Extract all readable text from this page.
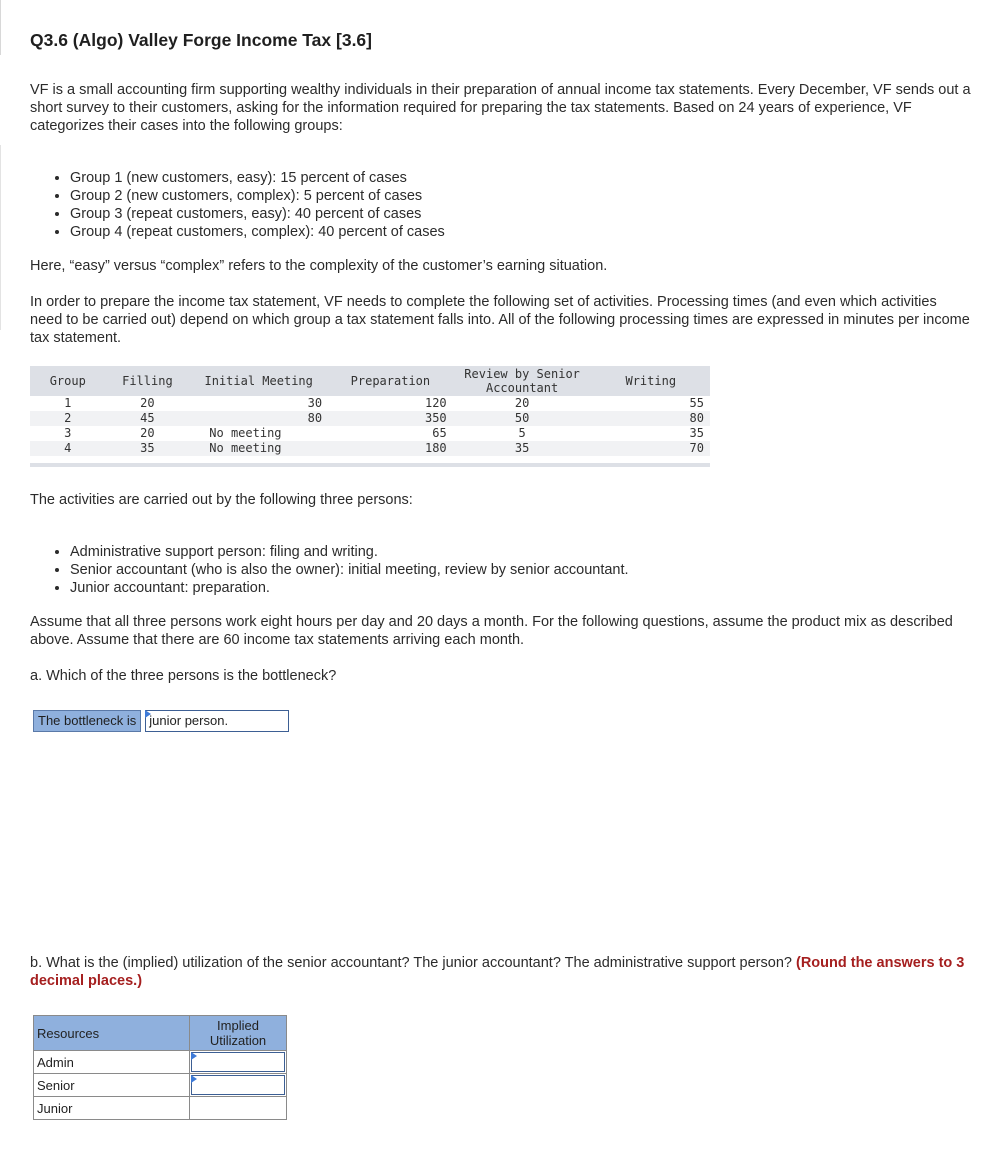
Q3.6 (Algo) Valley Forge Income Tax [3.6]

VF is a small accounting firm supporting wealthy individuals in their preparation of annual income tax statements. Every December, VF sends out a short survey to their customers, asking for the information required for preparing the tax statements. Based on 24 years of experience, VF categorizes their cases into the following groups:

• Group 1 (new customers, easy): 15 percent of cases
• Group 2 (new customers, complex): 5 percent of cases
• Group 3 (repeat customers, easy): 40 percent of cases
• Group 4 (repeat customers, complex): 40 percent of cases

Here, “easy” versus “complex” refers to the complexity of the customer’s earning situation.

In order to prepare the income tax statement, VF needs to complete the following set of activities. Processing times (and even which activities need to be carried out) depend on which group a tax statement falls into. All of the following processing times are expressed in minutes per income tax statement.

Group	Filling	Initial Meeting	Preparation	Review by Senior Accountant	Writing
1	20	30	120	20	55
2	45	80	350	50	80
3	20	No meeting	65	5	35
4	35	No meeting	180	35	70

The activities are carried out by the following three persons:

• Administrative support person: filing and writing.
• Senior accountant (who is also the owner): initial meeting, review by senior accountant.
• Junior accountant: preparation.

Assume that all three persons work eight hours per day and 20 days a month. For the following questions, assume the product mix as described above. Assume that there are 60 income tax statements arriving each month.

a. Which of the three persons is the bottleneck?

The bottleneck is	junior person.

b. What is the (implied) utilization of the senior accountant? The junior accountant? The administrative support person? (Round the answers to 3 decimal places.)

Resources	Implied Utilization
Admin	

Senior	

Junior	
